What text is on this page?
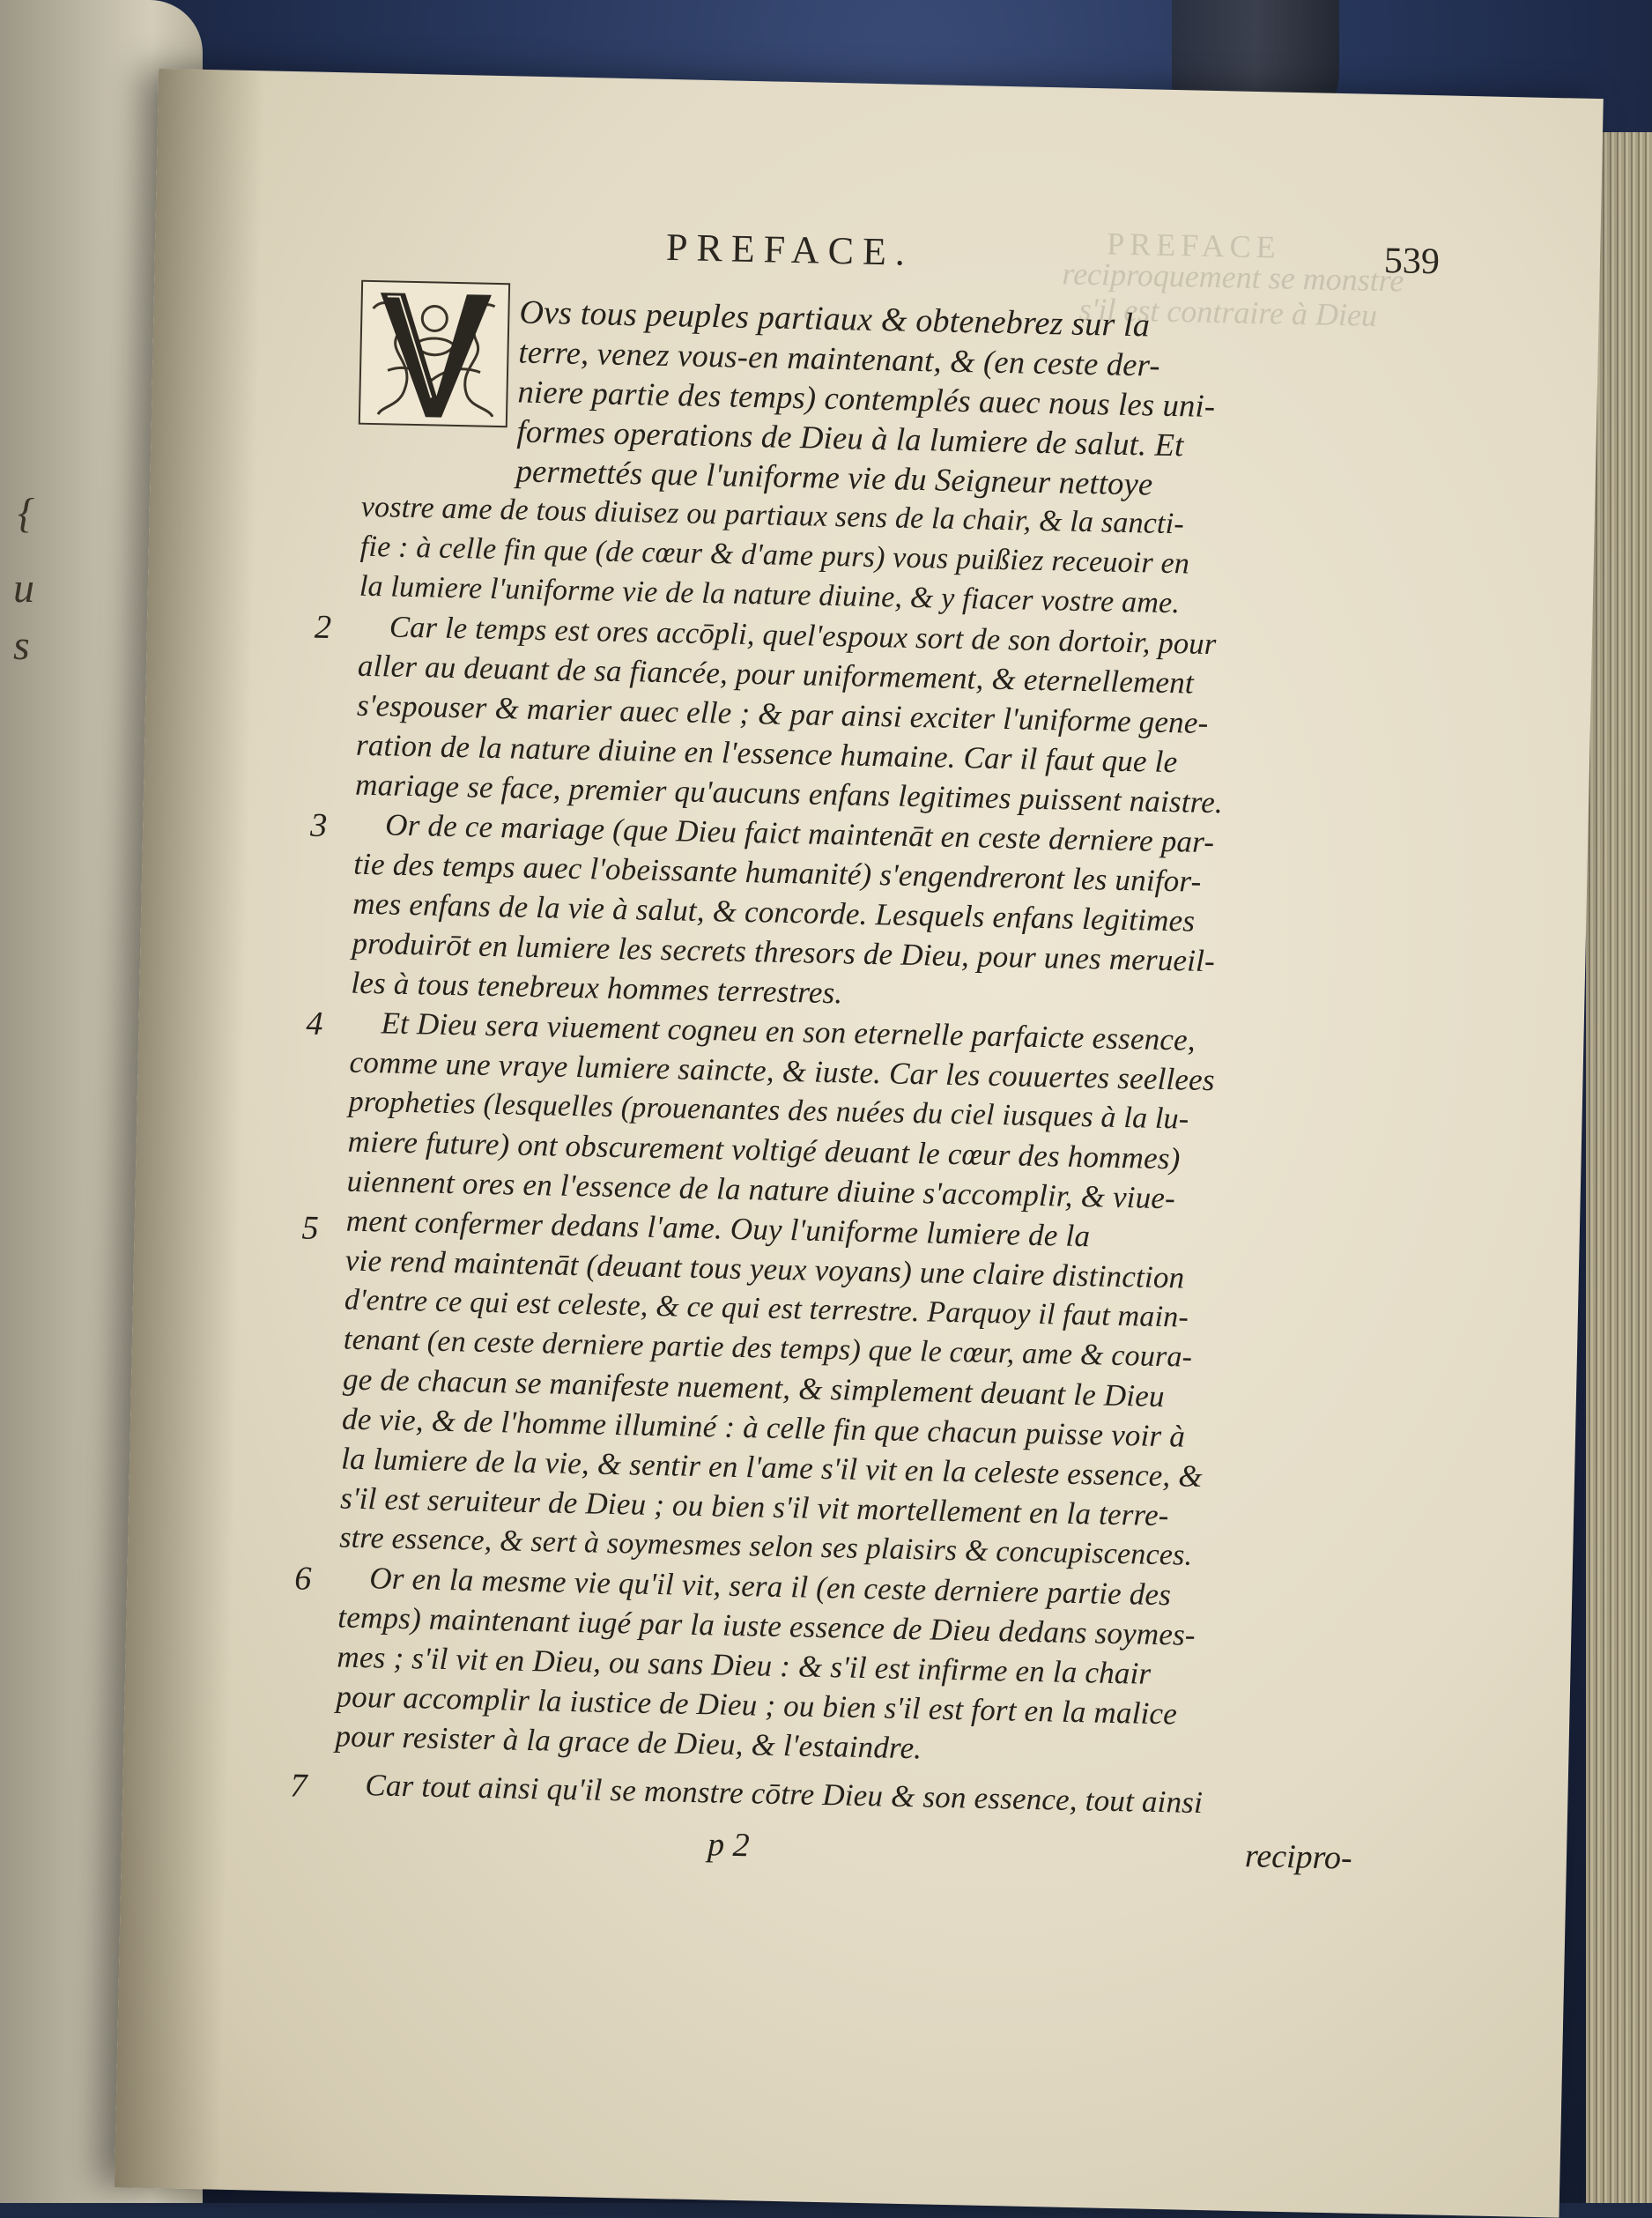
{
u
s
PREFACE
reciproquement se monstre
s'il est contraire à Dieu
PREFACE.	539
Ovs tous peuples partiaux & obtenebrez sur la
terre, venez vous-en maintenant, & (en ceste der-
niere partie des temps) contemplés auec nous les uni-
formes operations de Dieu à la lumiere de salut. Et
permettés que l'uniforme vie du Seigneur nettoye
vostre ame de tous diuisez ou partiaux sens de la chair, & la sancti-
fie : à celle fin que (de cœur & d'ame purs) vous puißiez receuoir en
la lumiere l'uniforme vie de la nature diuine, & y fiacer vostre ame.
2 Car le temps est ores accōpli, quel'espoux sort de son dortoir, pour
aller au deuant de sa fiancée, pour uniformement, & eternellement
s'espouser & marier auec elle ; & par ainsi exciter l'uniforme gene-
ration de la nature diuine en l'essence humaine. Car il faut que le
mariage se face, premier qu'aucuns enfans legitimes puissent naistre.
3 Or de ce mariage (que Dieu faict maintenāt en ceste derniere par-
tie des temps auec l'obeissante humanité) s'engendreront les unifor-
mes enfans de la vie à salut, & concorde. Lesquels enfans legitimes
produirōt en lumiere les secrets thresors de Dieu, pour unes merueil-
les à tous tenebreux hommes terrestres.
4 Et Dieu sera viuement cogneu en son eternelle parfaicte essence,
comme une vraye lumiere saincte, & iuste. Car les couuertes seellees
propheties (lesquelles (prouenantes des nuées du ciel iusques à la lu-
miere future) ont obscurement voltigé deuant le cœur des hommes)
uiennent ores en l'essence de la nature diuine s'accomplir, & viue-
ment confermer dedans l'ame. Ouy l'uniforme lumiere de la
5
vie rend maintenāt (deuant tous yeux voyans) une claire distinction
d'entre ce qui est celeste, & ce qui est terrestre. Parquoy il faut main-
tenant (en ceste derniere partie des temps) que le cœur, ame & coura-
ge de chacun se manifeste nuement, & simplement deuant le Dieu
de vie, & de l'homme illuminé : à celle fin que chacun puisse voir à
la lumiere de la vie, & sentir en l'ame s'il vit en la celeste essence, &
s'il est seruiteur de Dieu ; ou bien s'il vit mortellement en la terre-
stre essence, & sert à soymesmes selon ses plaisirs & concupiscences.
6 Or en la mesme vie qu'il vit, sera il (en ceste derniere partie des
temps) maintenant iugé par la iuste essence de Dieu dedans soymes-
mes ; s'il vit en Dieu, ou sans Dieu : & s'il est infirme en la chair
pour accomplir la iustice de Dieu ; ou bien s'il est fort en la malice
pour resister à la grace de Dieu, & l'estaindre.
7 Car tout ainsi qu'il se monstre cōtre Dieu & son essence, tout ainsi
p 2	recipro-
